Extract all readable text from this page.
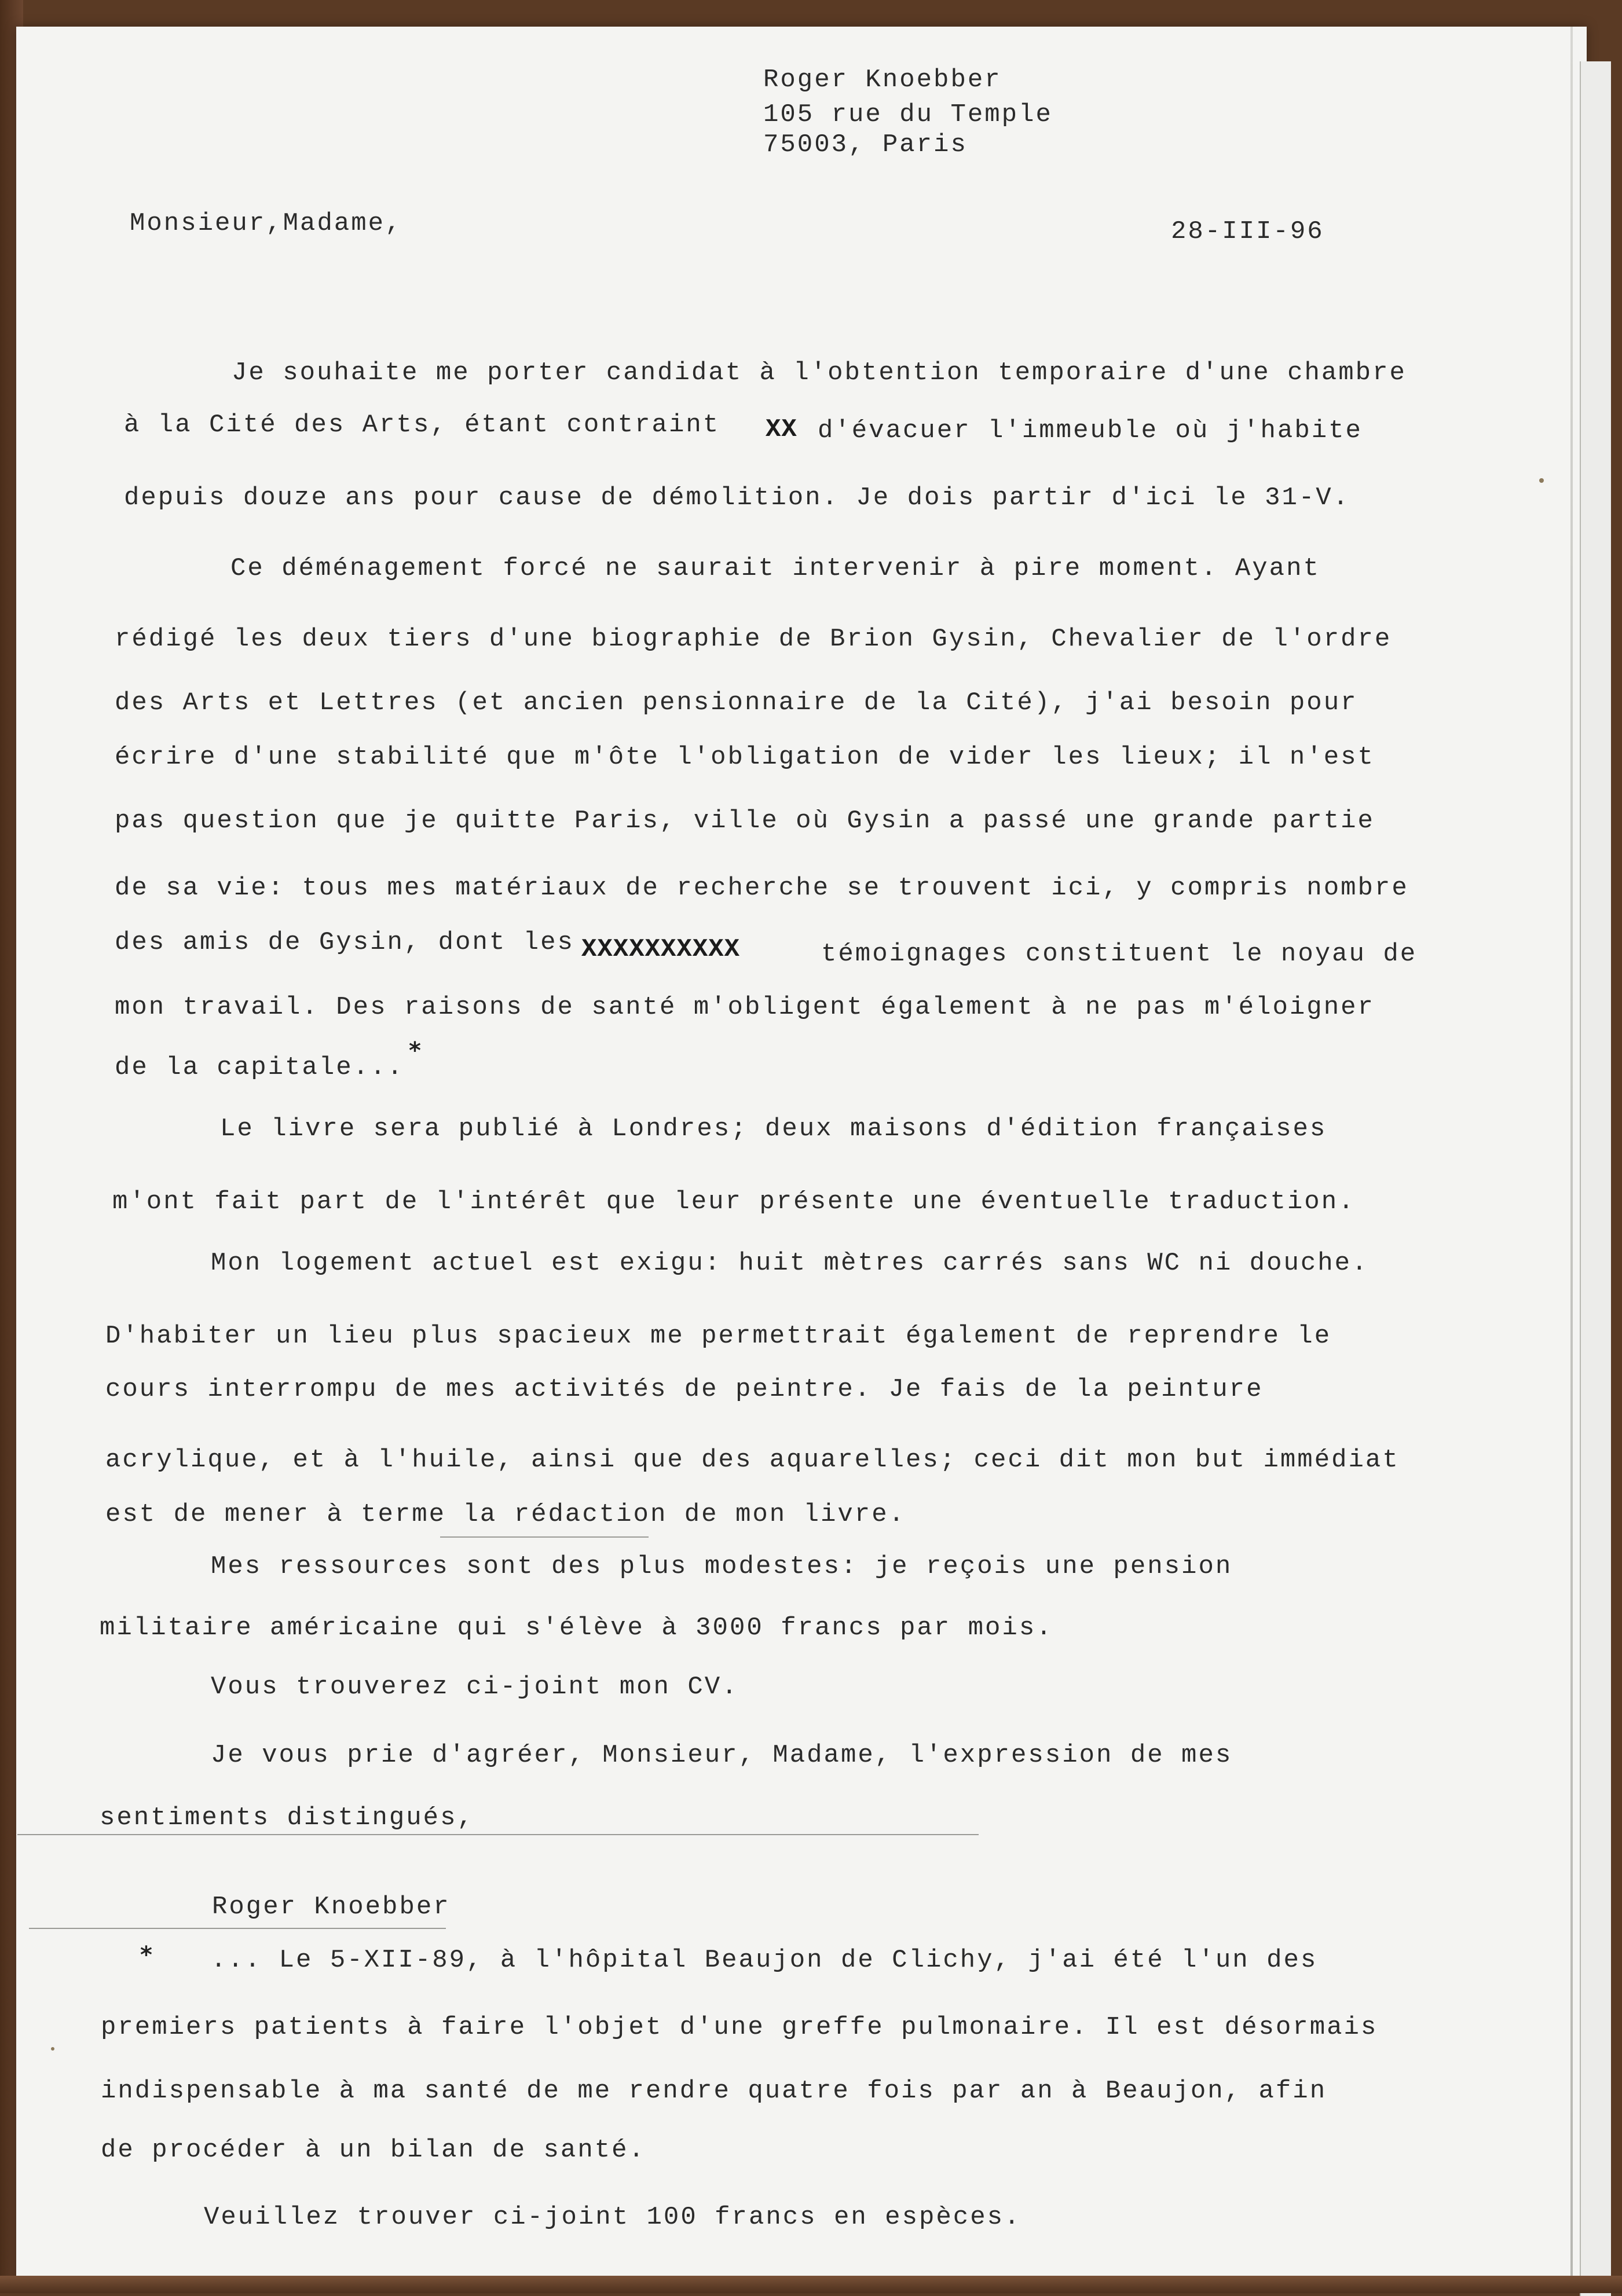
Roger Knoebber
105 rue du Temple
75003, Paris
Monsieur,Madame,	28-III-96
Je souhaite me porter candidat à l'obtention temporaire d'une chambre
à la Cité des Arts, étant contraint XX d'évacuer l'immeuble où j'habite
depuis douze ans pour cause de démolition. Je dois partir d'ici le 31-V.
Ce déménagement forcé ne saurait intervenir à pire moment. Ayant
rédigé les deux tiers d'une biographie de Brion Gysin, Chevalier de l'ordre
des Arts et Lettres (et ancien pensionnaire de la Cité), j'ai besoin pour
écrire d'une stabilité que m'ôte l'obligation de vider les lieux; il n'est
pas question que je quitte Paris, ville où Gysin a passé une grande partie
de sa vie: tous mes matériaux de recherche se trouvent ici, y compris nombre
des amis de Gysin, dont les XXXXXXXXXX	témoignages constituent le noyau de
mon travail. Des raisons de santé m'obligent également à ne pas m'éloigner
de la capitale...
*
Le livre sera publié à Londres; deux maisons d'édition françaises
m'ont fait part de l'intérêt que leur présente une éventuelle traduction.
Mon logement actuel est exigu: huit mètres carrés sans WC ni douche.
D'habiter un lieu plus spacieux me permettrait également de reprendre le
cours interrompu de mes activités de peintre. Je fais de la peinture
acrylique, et à l'huile, ainsi que des aquarelles; ceci dit mon but immédiat
est de mener à terme la rédaction de mon livre.
Mes ressources sont des plus modestes: je reçois une pension
militaire américaine qui s'élève à 3000 francs par mois.
Vous trouverez ci-joint mon CV.
Je vous prie d'agréer, Monsieur, Madame, l'expression de mes
sentiments distingués,
Roger Knoebber
* ... Le 5-XII-89, à l'hôpital Beaujon de Clichy, j'ai été l'un des
premiers patients à faire l'objet d'une greffe pulmonaire. Il est désormais
indispensable à ma santé de me rendre quatre fois par an à Beaujon, afin
de procéder à un bilan de santé.
Veuillez trouver ci-joint 100 francs en espèces.
